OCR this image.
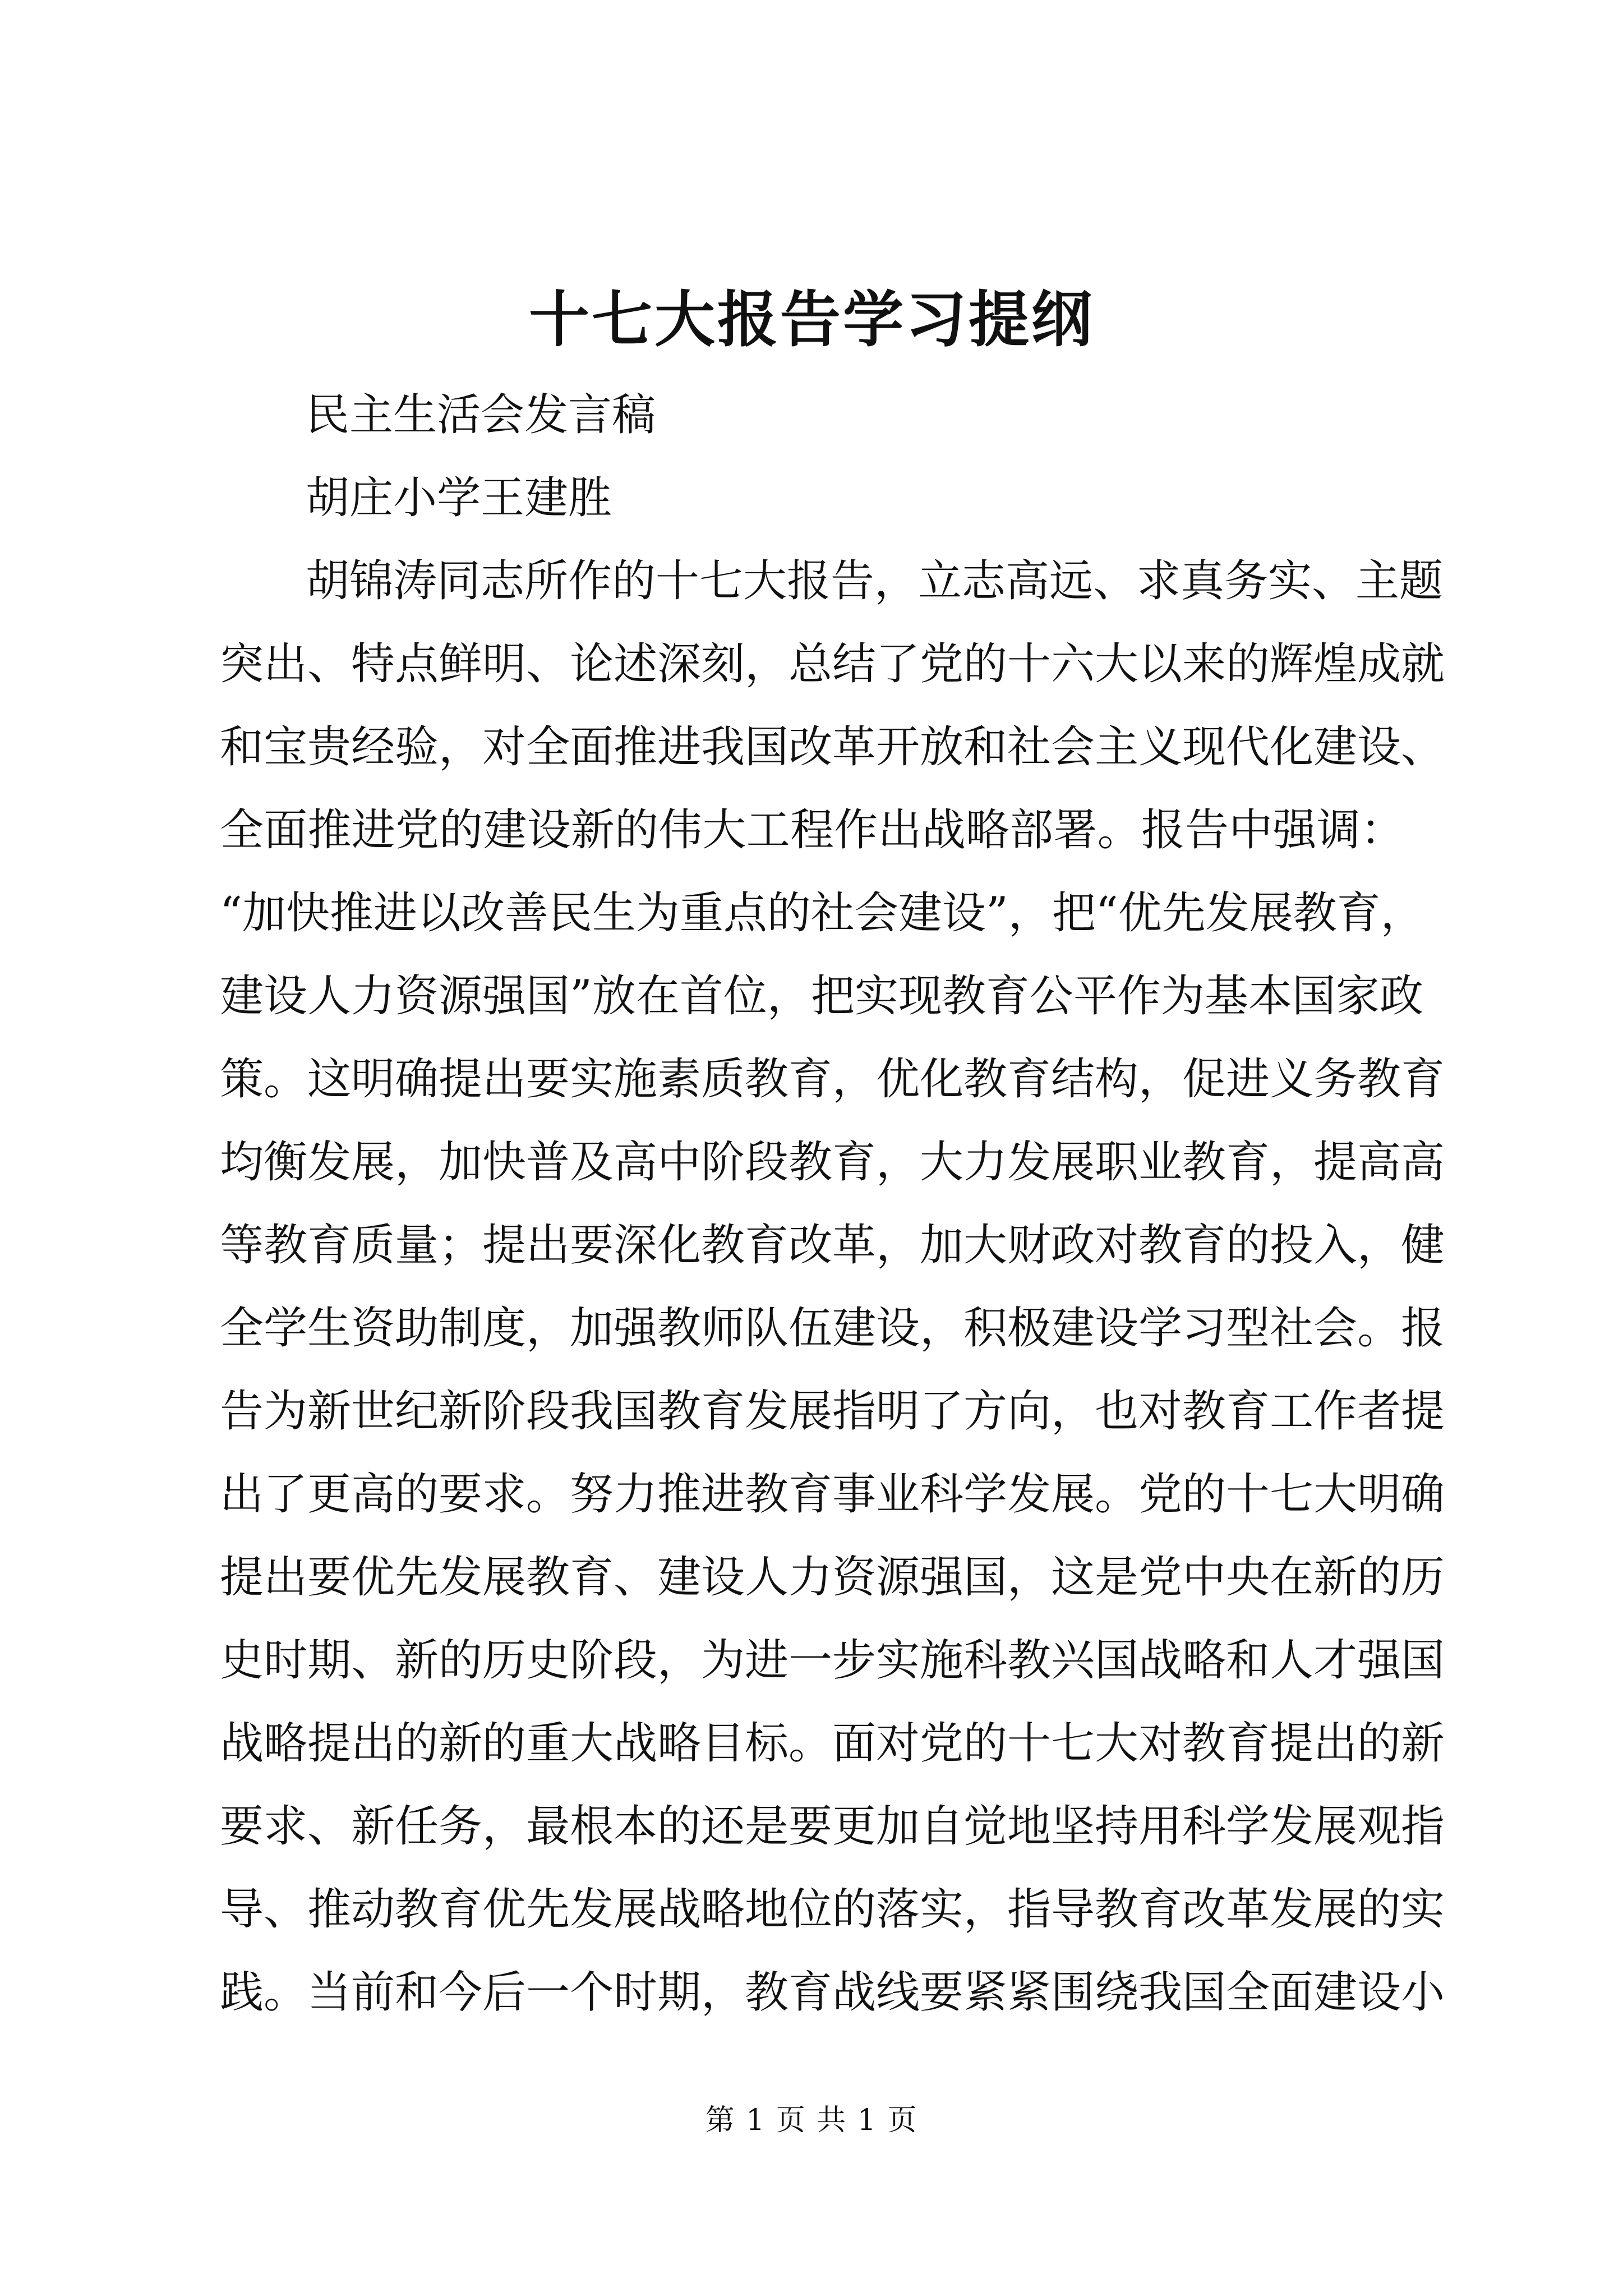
十七大报告学习提纲
民主生活会发言稿
胡庄小学王建胜
胡锦涛同志所作的十七大报告，立志高远、求真务实、主题
突出、特点鲜明、论述深刻，总结了党的十六大以来的辉煌成就
和宝贵经验，对全面推进我国改革开放和社会主义现代化建设、
全面推进党的建设新的伟大工程作出战略部署。报告中强调：
“加快推进以改善民生为重点的社会建设”，把“优先发展教育，
建设人力资源强国”放在首位，把实现教育公平作为基本国家政
策。这明确提出要实施素质教育，优化教育结构，促进义务教育
均衡发展，加快普及高中阶段教育，大力发展职业教育，提高高
等教育质量；提出要深化教育改革，加大财政对教育的投入，健
全学生资助制度，加强教师队伍建设，积极建设学习型社会。报
告为新世纪新阶段我国教育发展指明了方向，也对教育工作者提
出了更高的要求。努力推进教育事业科学发展。党的十七大明确
提出要优先发展教育、建设人力资源强国，这是党中央在新的历
史时期、新的历史阶段，为进一步实施科教兴国战略和人才强国
战略提出的新的重大战略目标。面对党的十七大对教育提出的新
要求、新任务，最根本的还是要更加自觉地坚持用科学发展观指
导、推动教育优先发展战略地位的落实，指导教育改革发展的实
践。当前和今后一个时期，教育战线要紧紧围绕我国全面建设小
第 1 页 共 1 页
